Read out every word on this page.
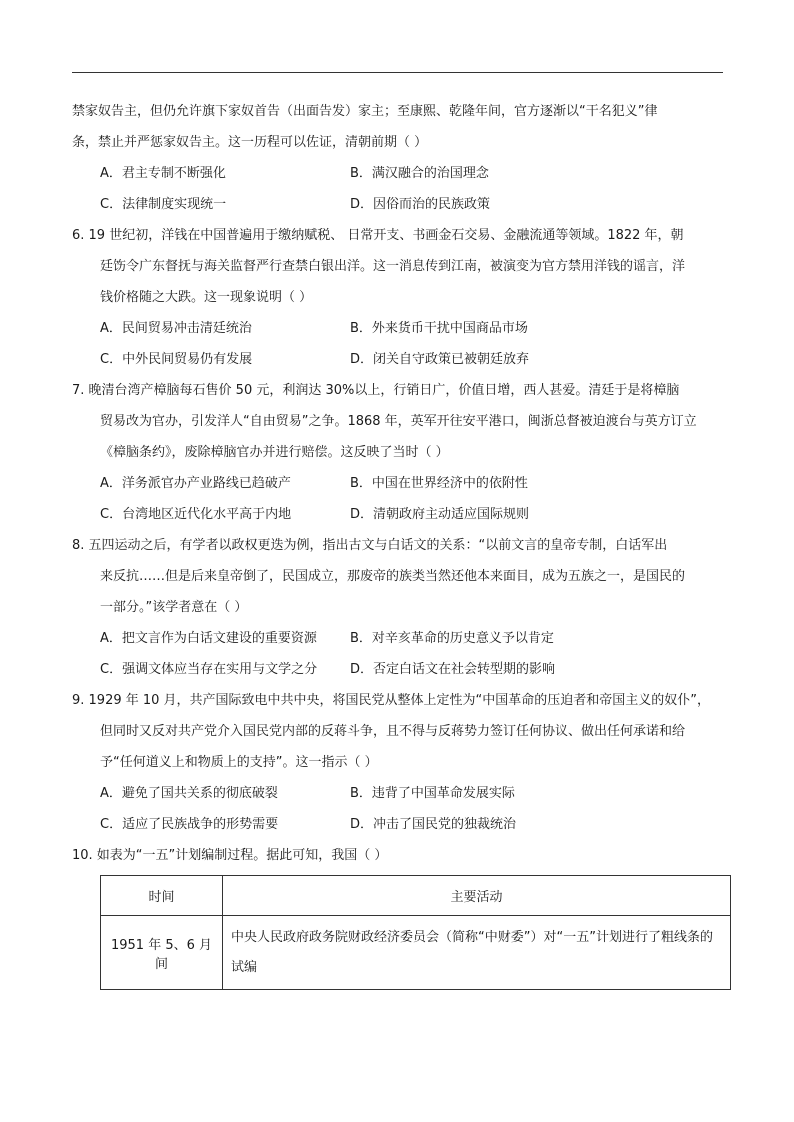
禁家奴告主，但仍允许旗下家奴首告（出面告发）家主；至康熙、乾隆年间，官方逐渐以“干名犯义”律
条，禁止并严惩家奴告主。这一历程可以佐证，清朝前期（ ）
A．君主专制不断强化	B．满汉融合的治国理念
C．法律制度实现统一	D．因俗而治的民族政策
6. 19 世纪初，洋钱在中国普遍用于缴纳赋税、 日常开支、书画金石交易、金融流通等领域。1822 年，朝
廷饬令广东督抚与海关监督严行查禁白银出洋。这一消息传到江南，被演变为官方禁用洋钱的谣言，洋
钱价格随之大跌。这一现象说明（ ）
A．民间贸易冲击清廷统治	B．外来货币干扰中国商品市场
C．中外民间贸易仍有发展	D．闭关自守政策已被朝廷放弃
7. 晚清台湾产樟脑每石售价 50 元，利润达 30%以上，行销日广，价值日增，西人甚爱。清廷于是将樟脑
贸易改为官办，引发洋人“自由贸易”之争。1868 年，英军开往安平港口，闽浙总督被迫渡台与英方订立
《樟脑条约》，废除樟脑官办并进行赔偿。这反映了当时（ ）
A．洋务派官办产业路线已趋破产	B．中国在世界经济中的依附性
C．台湾地区近代化水平高于内地	D．清朝政府主动适应国际规则
8. 五四运动之后，有学者以政权更迭为例，指出古文与白话文的关系：“以前文言的皇帝专制，白话军出
来反抗……但是后来皇帝倒了，民国成立，那废帝的族类当然还他本来面目，成为五族之一，是国民的
一部分。”该学者意在（ ）
A．把文言作为白话文建设的重要资源	B．对辛亥革命的历史意义予以肯定
C．强调文体应当存在实用与文学之分	D．否定白话文在社会转型期的影响
9. 1929 年 10 月，共产国际致电中共中央，将国民党从整体上定性为“中国革命的压迫者和帝国主义的奴仆”，
但同时又反对共产党介入国民党内部的反蒋斗争，且不得与反蒋势力签订任何协议、做出任何承诺和给
予“任何道义上和物质上的支持”。这一指示（ ）
A．避免了国共关系的彻底破裂	B．违背了中国革命发展实际
C．适应了民族战争的形势需要	D．冲击了国民党的独裁统治
10. 如表为“一五”计划编制过程。据此可知，我国（ ）
时间	主要活动
1951 年 5、6 月间	中央人民政府政务院财政经济委员会（简称“中财委”）对“一五”计划进行了粗线条的试编
